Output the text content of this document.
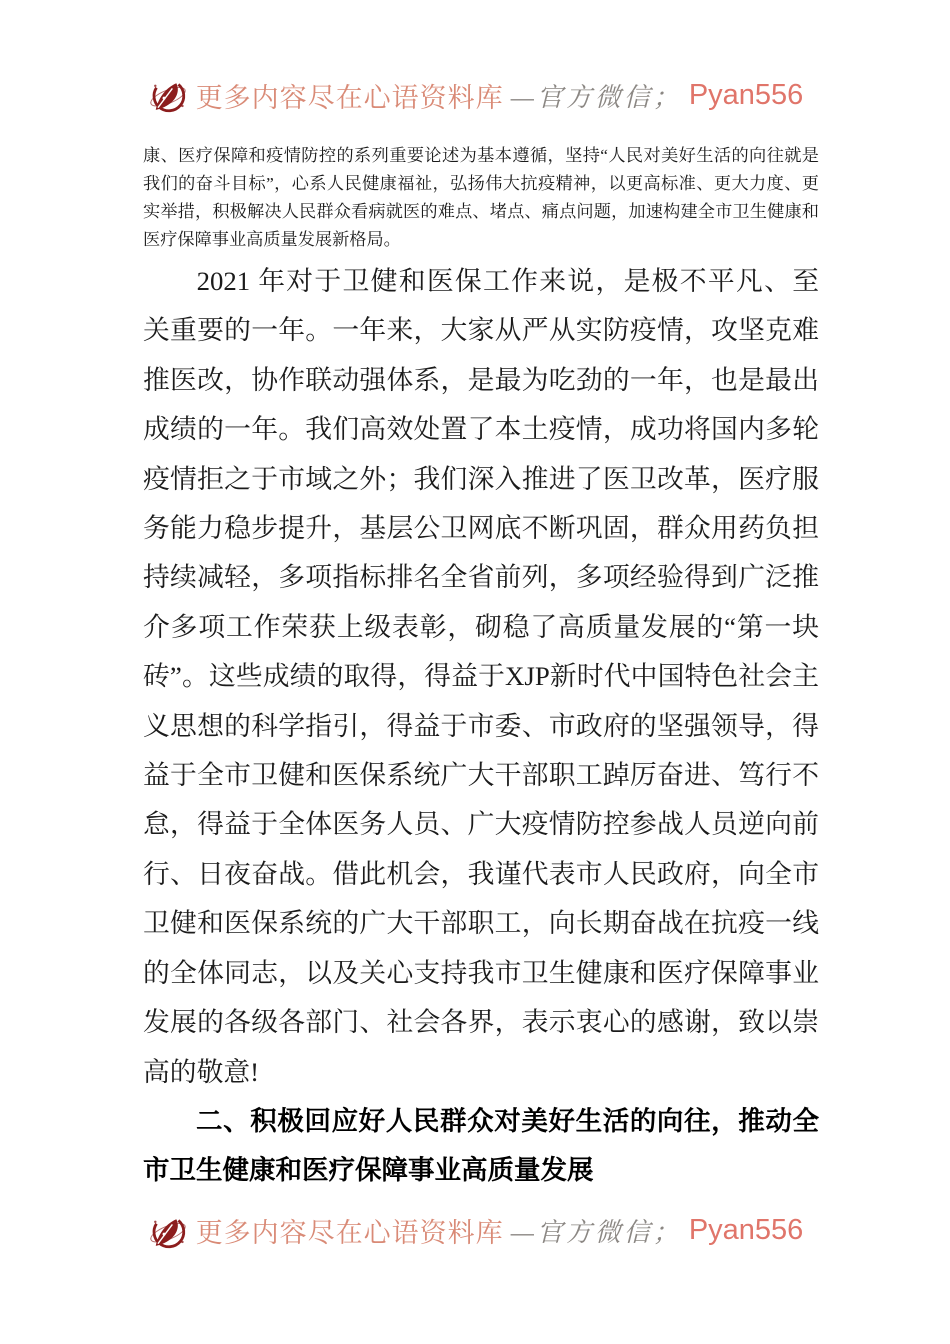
更多内容尽在心语资料库 —官方微信； Pyan556

康、医疗保障和疫情防控的系列重要论述为基本遵循，坚持“人民对美好生活的向往就是我们的奋斗目标”，心系人民健康福祉，弘扬伟大抗疫精神，以更高标准、更大力度、更实举措，积极解决人民群众看病就医的难点、堵点、痛点问题，加速构建全市卫生健康和医疗保障事业高质量发展新格局。

2021 年对于卫健和医保工作来说，是极不平凡、至关重要的一年。一年来，大家从严从实防疫情，攻坚克难推医改，协作联动强体系，是最为吃劲的一年，也是最出成绩的一年。我们高效处置了本土疫情，成功将国内多轮疫情拒之于市域之外；我们深入推进了医卫改革，医疗服务能力稳步提升，基层公卫网底不断巩固，群众用药负担持续减轻，多项指标排名全省前列，多项经验得到广泛推介多项工作荣获上级表彰，砌稳了高质量发展的“第一块砖”。这些成绩的取得，得益于XJP新时代中国特色社会主义思想的科学指引，得益于市委、市政府的坚强领导，得益于全市卫健和医保系统广大干部职工踔厉奋进、笃行不怠，得益于全体医务人员、广大疫情防控参战人员逆向前行、日夜奋战。借此机会，我谨代表市人民政府，向全市卫健和医保系统的广大干部职工，向长期奋战在抗疫一线的全体同志，以及关心支持我市卫生健康和医疗保障事业发展的各级各部门、社会各界，表示衷心的感谢，致以崇高的敬意!

二、积极回应好人民群众对美好生活的向往，推动全市卫生健康和医疗保障事业高质量发展
更多内容尽在心语资料库 —官方微信； Pyan556
